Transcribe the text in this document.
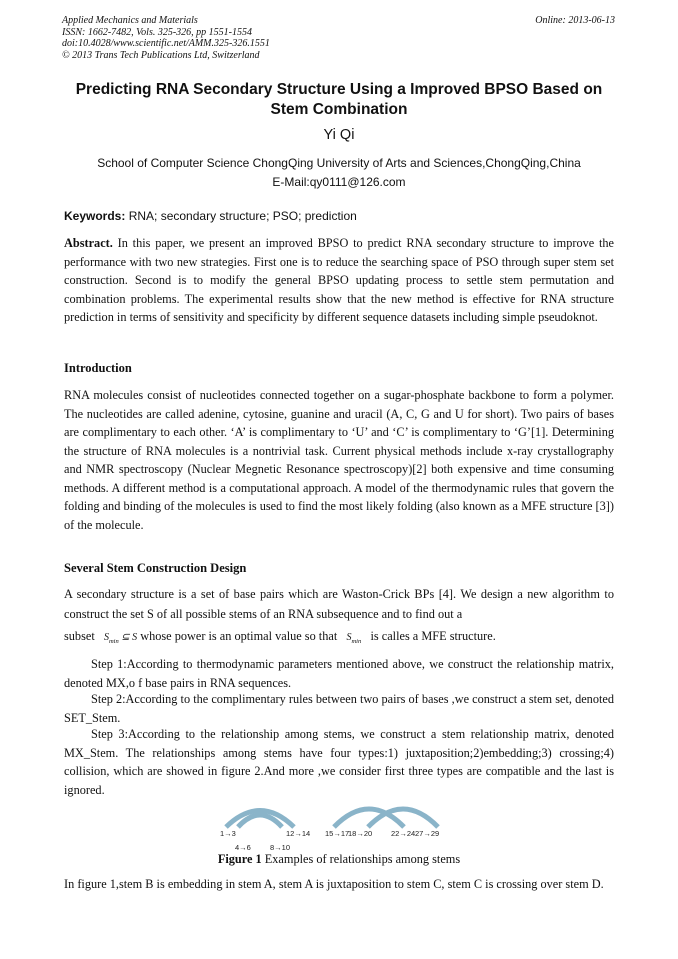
Applied Mechanics and Materials
ISSN: 1662-7482, Vols. 325-326, pp 1551-1554
doi:10.4028/www.scientific.net/AMM.325-326.1551
© 2013 Trans Tech Publications Ltd, Switzerland
Online: 2013-06-13
Predicting RNA Secondary Structure Using a Improved BPSO Based on
Stem Combination
Yi Qi
School of Computer Science ChongQing University of Arts and Sciences,ChongQing,China
E-Mail:qy0111@126.com
Keywords: RNA; secondary structure; PSO; prediction
Abstract. In this paper, we present an improved BPSO to predict RNA secondary structure to improve the performance with two new strategies. First one is to reduce the searching space of PSO through super stem set construction. Second is to modify the general BPSO updating process to settle stem permutation and combination problems. The experimental results show that the new method is effective for RNA structure prediction in terms of sensitivity and specificity by different sequence datasets including simple pseudoknot.
Introduction
RNA molecules consist of nucleotides connected together on a sugar-phosphate backbone to form a polymer. The nucleotides are called adenine, cytosine, guanine and uracil (A, C, G and U for short). Two pairs of bases are complimentary to each other. ‘A’ is complimentary to ‘U’ and ‘C’ is complimentary to ‘G’[1]. Determining the structure of RNA molecules is a nontrivial task. Current physical methods include x-ray crystallography and NMR spectroscopy (Nuclear Megnetic Resonance spectroscopy)[2] both expensive and time consuming methods. A different method is a computational approach. A model of the thermodynamic rules that govern the folding and binding of the molecules is used to find the most likely folding (also known as a MFE structure [3]) of the molecule.
Several Stem Construction Design
A secondary structure is a set of base pairs which are Waston-Crick BPs [4]. We design a new algorithm to construct the set S of all possible stems of an RNA subsequence and to find out a
subset   $S_{min}$ ⊆ S whose power is an optimal value so that   $S_{min}$   is calles a MFE structure.
Step 1:According to thermodynamic parameters mentioned above, we construct the relationship matrix, denoted MX,o f base pairs in RNA sequences.
Step 2:According to the complimentary rules between two pairs of bases ,we construct a stem set, denoted SET_Stem.
Step 3:According to the relationship among stems, we construct a stem relationship matrix, denoted MX_Stem. The relationships among stems have four types:1) juxtaposition;2)embedding;3) crossing;4) collision, which are showed in figure 2.And more ,we consider first three types are compatible and the last is ignored.
1→3	12→14
4→6	8→10
15→17
18→20	22→24 27→29
Figure 1 Examples of relationships among stems
In figure 1,stem B is embedding in stem A, stem A is juxtaposition to stem C, stem C is crossing over stem D.
